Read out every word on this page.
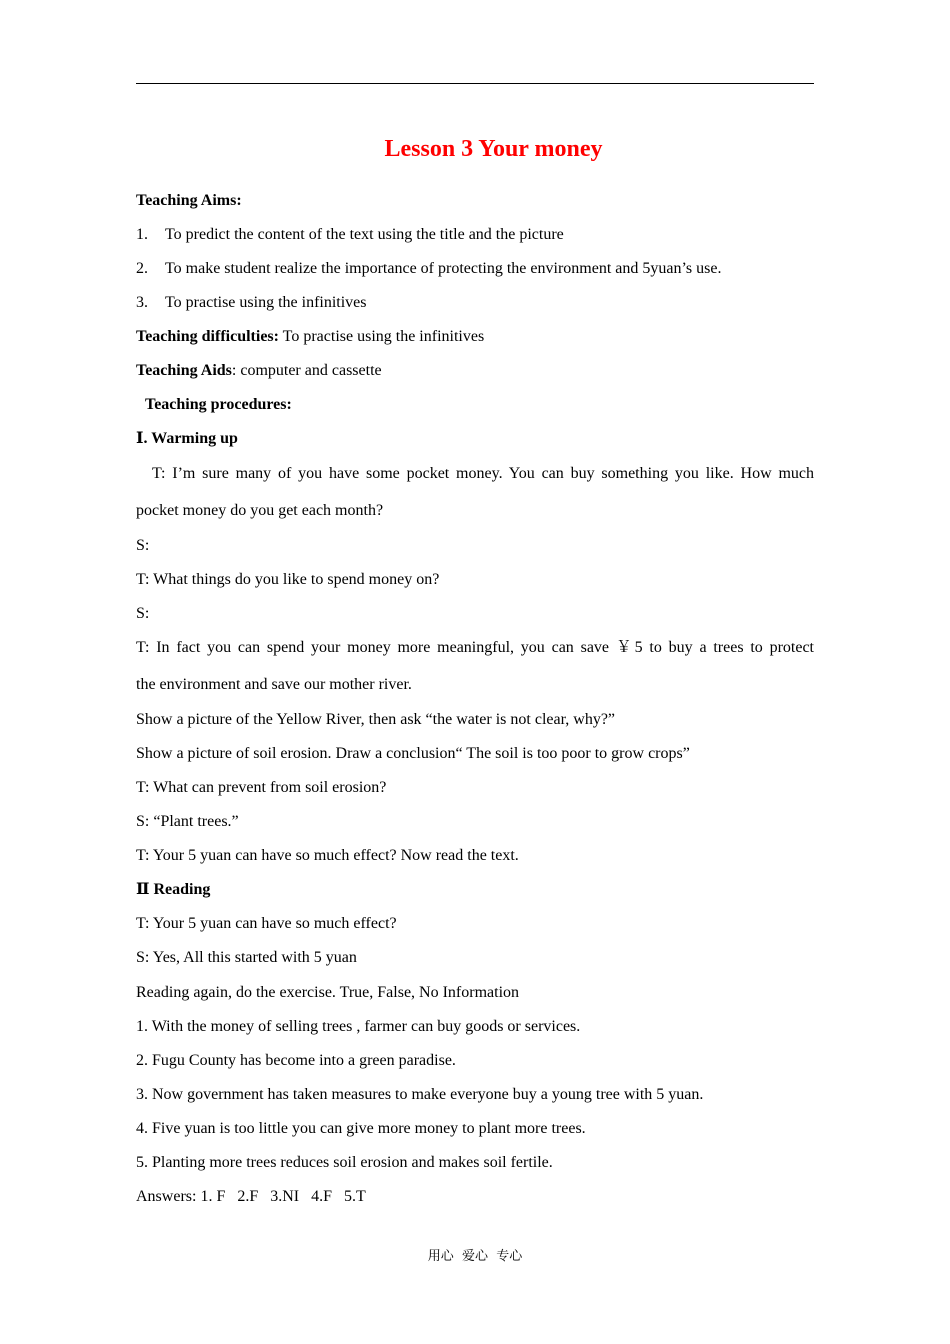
Lesson 3 Your money
Teaching Aims:
1. To predict the content of the text using the title and the picture
2. To make student realize the importance of protecting the environment and 5yuan’s use.
3. To practise using the infinitives
Teaching difficulties: To practise using the infinitives
Teaching Aids: computer and cassette
Teaching procedures:
Ⅰ. Warming up
T: I’m sure many of you have some pocket money. You can buy something you like. How much
pocket money do you get each month?
S:
T: What things do you like to spend money on?
S:
T: In fact you can spend your money more meaningful, you can save ￥5 to buy a trees to protect
the environment and save our mother river.
Show a picture of the Yellow River, then ask “the water is not clear, why?”
Show a picture of soil erosion. Draw a conclusion“ The soil is too poor to grow crops”
T: What can prevent from soil erosion?
S: “Plant trees.”
T: Your 5 yuan can have so much effect? Now read the text.
Ⅱ Reading
T: Your 5 yuan can have so much effect?
S: Yes, All this started with 5 yuan
Reading again, do the exercise. True, False, No Information
1. With the money of selling trees , farmer can buy goods or services.
2. Fugu County has become into a green paradise.
3. Now government has taken measures to make everyone buy a young tree with 5 yuan.
4. Five yuan is too little you can give more money to plant more trees.
5. Planting more trees reduces soil erosion and makes soil fertile.
Answers: 1. F   2.F   3.NI   4.F   5.T
用心  爱心  专心
